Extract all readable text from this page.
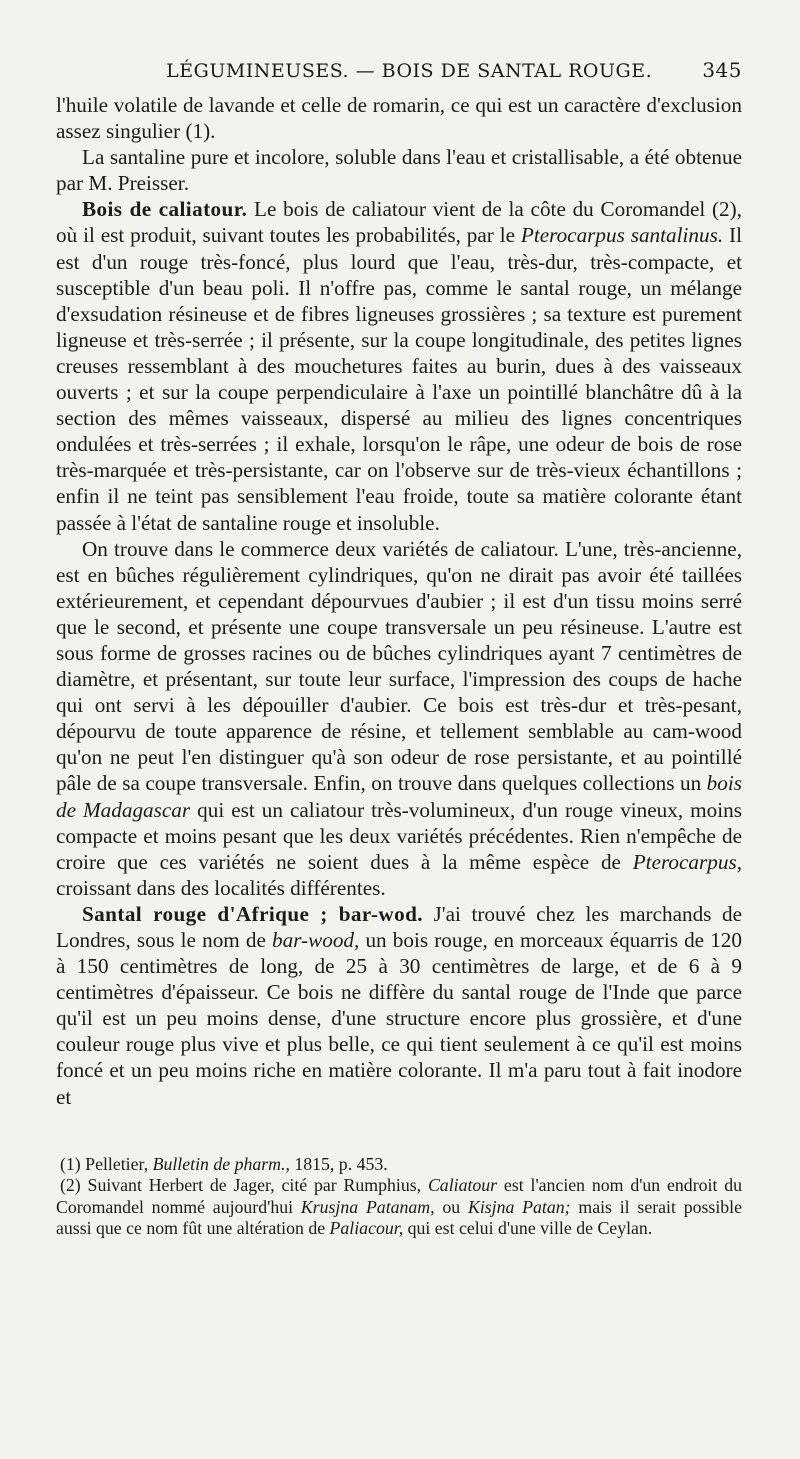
LÉGUMINEUSES. — BOIS DE SANTAL ROUGE.	345

l'huile volatile de lavande et celle de romarin, ce qui est un caractère d'exclusion assez singulier (1).

La santaline pure et incolore, soluble dans l'eau et cristallisable, a été obtenue par M. Preisser.

Bois de caliatour. Le bois de caliatour vient de la côte du Coromandel (2), où il est produit, suivant toutes les probabilités, par le Pterocarpus santalinus. Il est d'un rouge très-foncé, plus lourd que l'eau, très-dur, très-compacte, et susceptible d'un beau poli. Il n'offre pas, comme le santal rouge, un mélange d'exsudation résineuse et de fibres ligneuses grossières ; sa texture est purement ligneuse et très-serrée ; il présente, sur la coupe longitudinale, des petites lignes creuses ressemblant à des mouchetures faites au burin, dues à des vaisseaux ouverts ; et sur la coupe perpendiculaire à l'axe un pointillé blanchâtre dû à la section des mêmes vaisseaux, dispersé au milieu des lignes concentriques ondulées et très-serrées ; il exhale, lorsqu'on le râpe, une odeur de bois de rose très-marquée et très-persistante, car on l'observe sur de très-vieux échantillons ; enfin il ne teint pas sensiblement l'eau froide, toute sa matière colorante étant passée à l'état de santaline rouge et insoluble.

On trouve dans le commerce deux variétés de caliatour. L'une, très-ancienne, est en bûches régulièrement cylindriques, qu'on ne dirait pas avoir été taillées extérieurement, et cependant dépourvues d'aubier ; il est d'un tissu moins serré que le second, et présente une coupe transversale un peu résineuse. L'autre est sous forme de grosses racines ou de bûches cylindriques ayant 7 centimètres de diamètre, et présentant, sur toute leur surface, l'impression des coups de hache qui ont servi à les dépouiller d'aubier. Ce bois est très-dur et très-pesant, dépourvu de toute apparence de résine, et tellement semblable au cam-wood qu'on ne peut l'en distinguer qu'à son odeur de rose persistante, et au pointillé pâle de sa coupe transversale. Enfin, on trouve dans quelques collections un bois de Madagascar qui est un caliatour très-volumineux, d'un rouge vineux, moins compacte et moins pesant que les deux variétés précédentes. Rien n'empêche de croire que ces variétés ne soient dues à la même espèce de Pterocarpus, croissant dans des localités différentes.

Santal rouge d'Afrique ; bar-wod. J'ai trouvé chez les marchands de Londres, sous le nom de bar-wood, un bois rouge, en morceaux équarris de 120 à 150 centimètres de long, de 25 à 30 centimètres de large, et de 6 à 9 centimètres d'épaisseur. Ce bois ne diffère du santal rouge de l'Inde que parce qu'il est un peu moins dense, d'une structure encore plus grossière, et d'une couleur rouge plus vive et plus belle, ce qui tient seulement à ce qu'il est moins foncé et un peu moins riche en matière colorante. Il m'a paru tout à fait inodore et

(1) Pelletier, Bulletin de pharm., 1815, p. 453.

(2) Suivant Herbert de Jager, cité par Rumphius, Caliatour est l'ancien nom d'un endroit du Coromandel nommé aujourd'hui Krusjna Patanam, ou Kisjna Patan; mais il serait possible aussi que ce nom fût une altération de Paliacour, qui est celui d'une ville de Ceylan.
